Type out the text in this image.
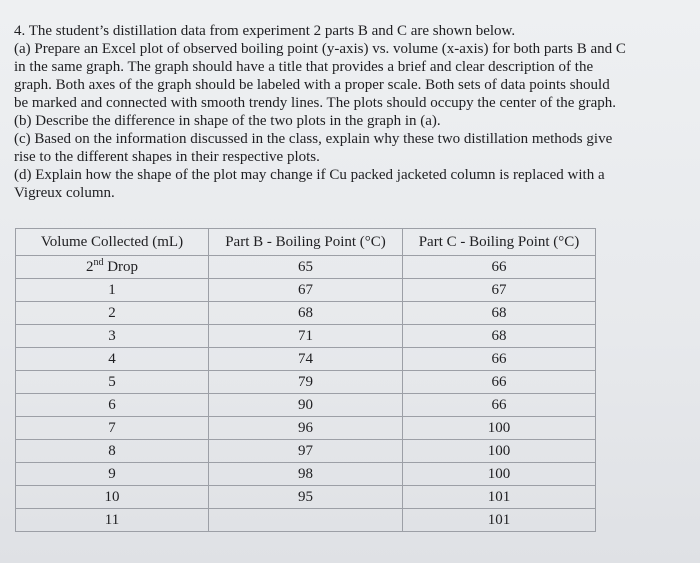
4. The student’s distillation data from experiment 2 parts B and C are shown below.
(a) Prepare an Excel plot of observed boiling point (y-axis) vs. volume (x-axis) for both parts B and C
in the same graph. The graph should have a title that provides a brief and clear description of the
graph. Both axes of the graph should be labeled with a proper scale. Both sets of data points should
be marked and connected with smooth trendy lines. The plots should occupy the center of the graph.
(b) Describe the difference in shape of the two plots in the graph in (a).
(c) Based on the information discussed in the class, explain why these two distillation methods give
rise to the different shapes in their respective plots.
(d) Explain how the shape of the plot may change if Cu packed jacketed column is replaced with a
Vigreux column.
Volume Collected (mL)	Part B - Boiling Point (°C)	Part C - Boiling Point (°C)
2nd Drop	65	66
1	67	67
2	68	68
3	71	68
4	74	66
5	79	66
6	90	66
7	96	100
8	97	100
9	98	100
10	95	101
11		101
